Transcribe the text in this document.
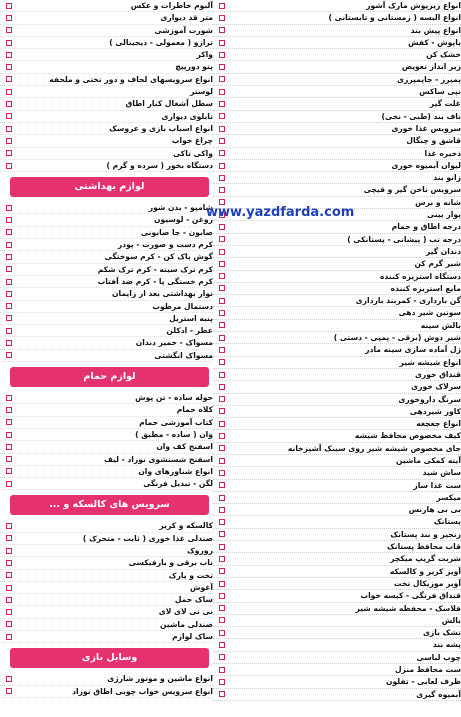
انواع زیرپوش مارک آشور
انواع البسه ( زمستانی و تابستانی )
انواع پیش بند
پاپوش - کفش
خشک کن
زیر انداز تعویض
پمپرز - جاپمپرزی
نپی ساکس
غلت گیر
ناف بند (طبی - نخی)
سرویس غذا خوری
قاشق و چنگال
ذخیره غذا
لیوان آبمیوه خوری
زانو بند
سرویس ناخن گیر و قیچی
شانه و برس
پوار بینی
درجه اطاق و حمام
درجه تب ( پیشانی - پستانکی )
دندان گیر
شیر گرم کن
دستگاه استریزه کننده
مایع استریزه کننده
گن بارداری - کمربند بارداری
سوتین شیر دهی
بالش سینه
شیر دوش (برقی - پمپی - دستی )
ژل آماده سازی سینه مادر
انواع شیشه شیر
قنداق خوری
سرلاک خوری
سرنگ داروخوری
کاور شیردهی
انواع جغجغه
کیف مخصوص محافظ شیشه
جای مخصوص شیشه شیر روی سینک آشپزخانه
آینه کمکی ماشین
ساش شید
ست غذا ساز
میکسر
بی بی هارنس
پستانک
زنجیر و بند پستانک
قاب محافظ پستانک
شربت گریپ میکچر
آویز کریر و کالسکه
آویز موزیکال تخت
قنداق فرنگی - کیسه خواب
فلاسک - محفظه شیشه شیر
بالش
تشک بازی
پشه بند
چوب لباسی
ست محافظ منزل
ظرف لعابی - تفلون
آبمیوه گیری
آلبوم خاطرات و عکس
متر قد دیواری
شورت آموزشی
ترازو ( معمولی - دیجیتالی )
واکر
پتو دورپیچ
انواع سرویسهای لحاف و دور تختی و ملحفه
لوستر
سطل آشغال کنار اطاق
تابلوی دیواری
انواع اسباب بازی و عروسک
چراغ خواب
واکی تاکی
دستگاه بخور ( سرده و گرم )
لوازم بهداشتی
شامپو - بدن شور
روغن - لوسیون
صابون - جا صابونی
کرم دست و صورت - پودر
گوش پاک کن - کرم سوختگی
کرم ترک سینه - کرم ترک شکم
کرم خستگی پا - کرم ضد آفتاب
نوار بهداشتی بعد از زایمان
دستمال مرطوب
پنبه استریل
عطر - ادکلن
مسواک - خمیر دندان
مسواک انگشتی
لوازم حمام
حوله ساده - تن پوش
کلاه حمام
کتاب آموزشی حمام
وان ( ساده - مطبق )
اسفنج کف وان
اسفنج شستشوی نوزاد - لیف
انواع شناورهای وان
لگن - تبدیل فرنگی
سرویس های کالسکه و ...
کالسکه و کریر
صندلی غذا خوری ( ثابت - متحرک )
روروک
تاب برقی و بارفیکسی
تخت و پارک
آغوش
ساک حمل
نی نی لای لای
صندلی ماشین
ساک لوازم
وسایل بازی
انواع ماشین و موتور شارژی
انواع سرویس خواب چوبی اطاق نوزاد
www.yazdfarda.com
